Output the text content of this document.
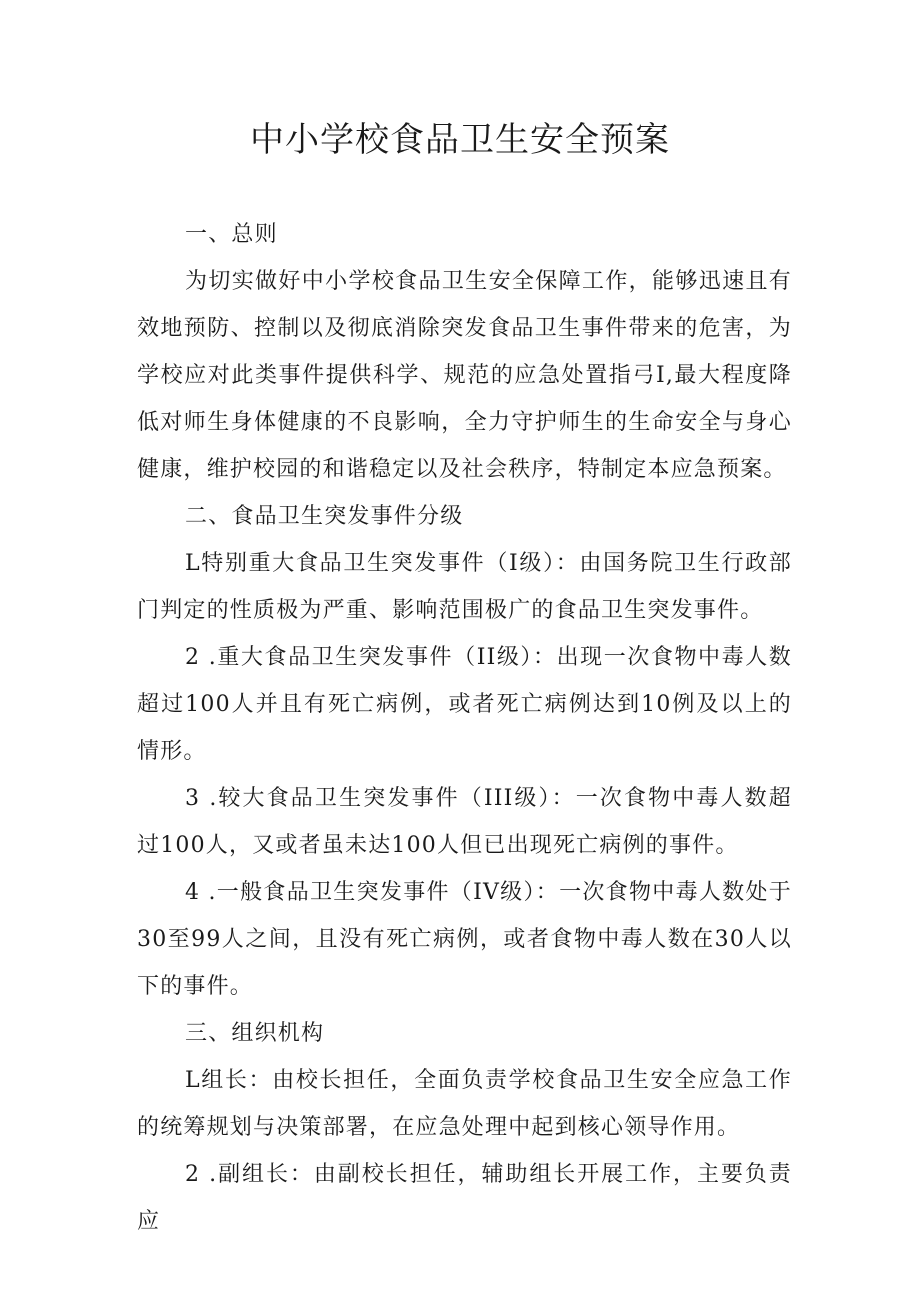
中小学校食品卫生安全预案

一、总则

为切实做好中小学校食品卫生安全保障工作，能够迅速且有效地预防、控制以及彻底消除突发食品卫生事件带来的危害，为学校应对此类事件提供科学、规范的应急处置指弓I,最大程度降低对师生身体健康的不良影响，全力守护师生的生命安全与身心健康，维护校园的和谐稳定以及社会秩序，特制定本应急预案。

二、食品卫生突发事件分级

L特别重大食品卫生突发事件（I级）：由国务院卫生行政部门判定的性质极为严重、影响范围极广的食品卫生突发事件。

2 .重大食品卫生突发事件（II级）：出现一次食物中毒人数超过100人并且有死亡病例，或者死亡病例达到10例及以上的情形。

3 .较大食品卫生突发事件（III级）：一次食物中毒人数超过100人，又或者虽未达100人但已出现死亡病例的事件。

4 .一般食品卫生突发事件（IV级）：一次食物中毒人数处于30至99人之间，且没有死亡病例，或者食物中毒人数在30人以下的事件。

三、组织机构

L组长：由校长担任，全面负责学校食品卫生安全应急工作的统筹规划与决策部署，在应急处理中起到核心领导作用。

2 .副组长：由副校长担任，辅助组长开展工作，主要负责应
